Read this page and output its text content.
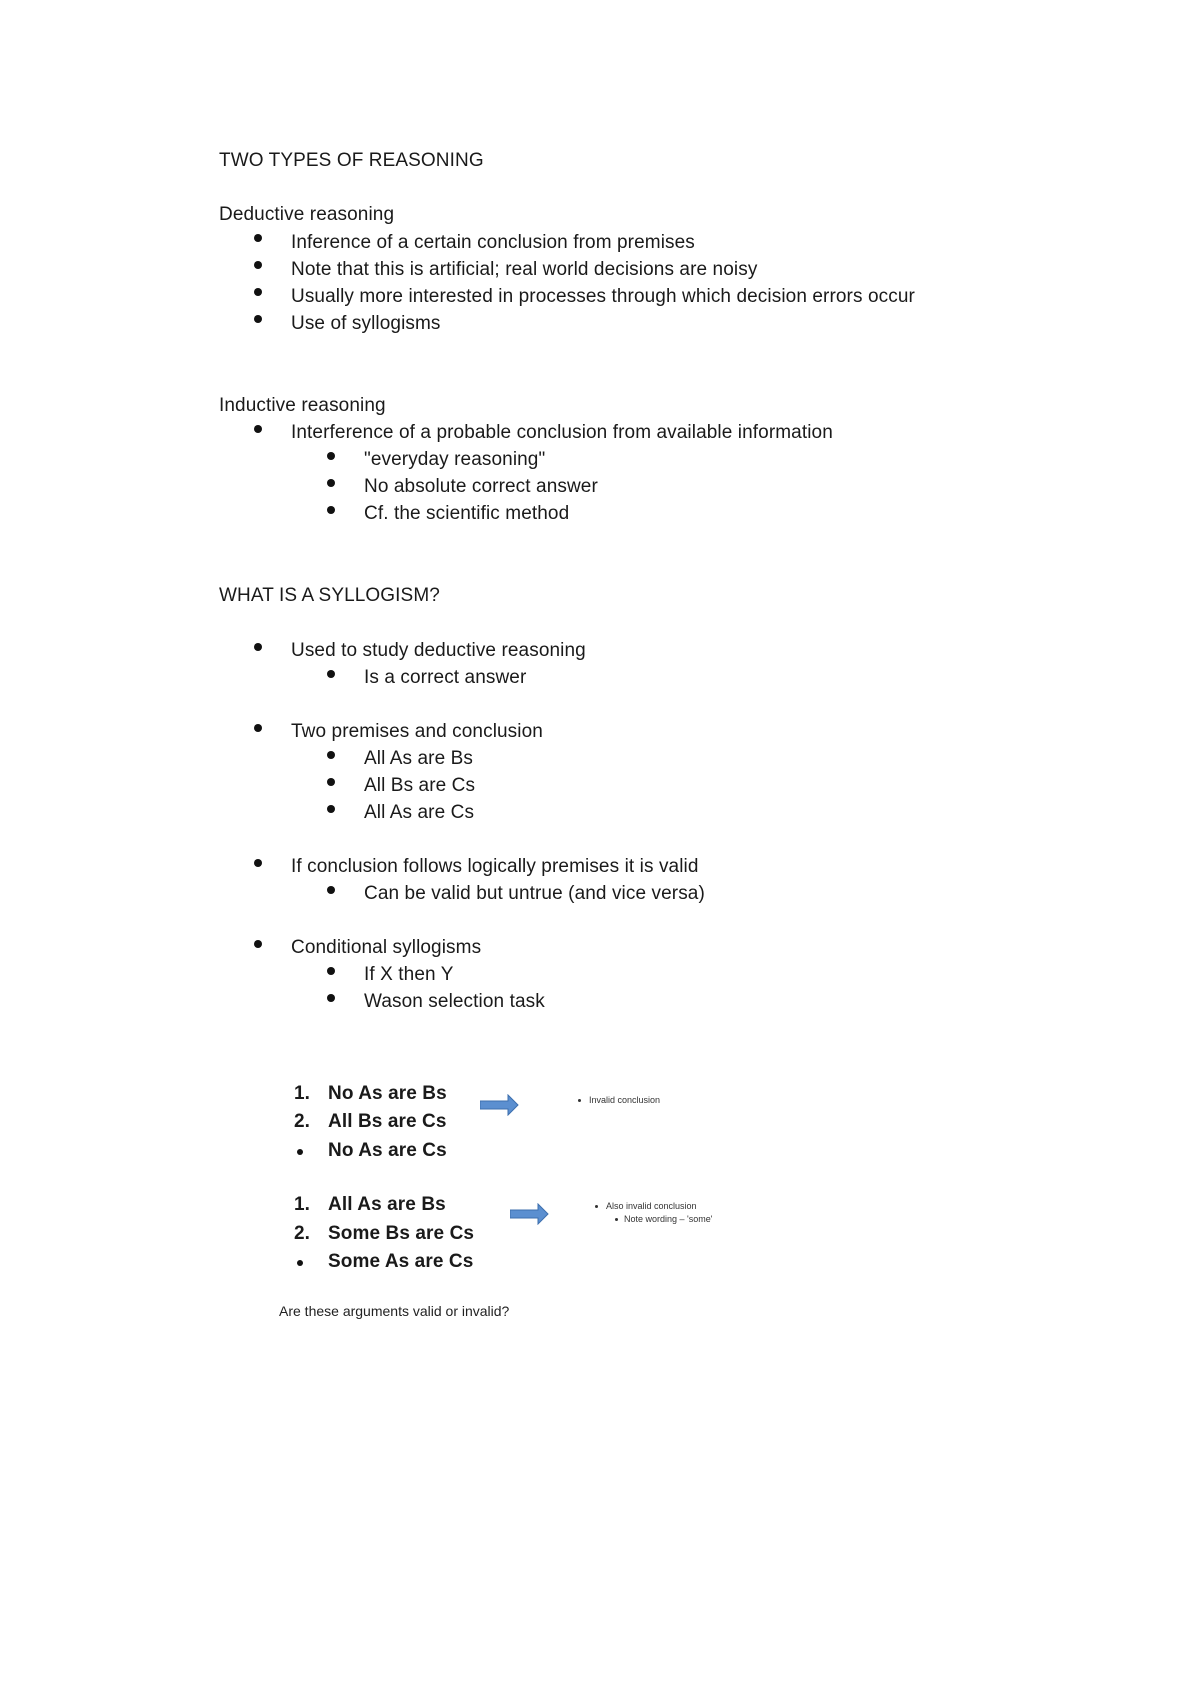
TWO TYPES OF REASONING
Deductive reasoning
Inference of a certain conclusion from premises
Note that this is artificial; real world decisions are noisy
Usually more interested in processes through which decision errors occur
Use of syllogisms
Inductive reasoning
Interference of a probable conclusion from available information
"everyday reasoning"
No absolute correct answer
Cf. the scientific method
WHAT IS A SYLLOGISM?
Used to study deductive reasoning
Is a correct answer
Two premises and conclusion
All As are Bs
All Bs are Cs
All As are Cs
If conclusion follows logically premises it is valid
Can be valid but untrue (and vice versa)
Conditional syllogisms
If X then Y
Wason selection task
1. No As are Bs
2. All Bs are Cs
No As are Cs
Invalid conclusion
1. All As are Bs
2. Some Bs are Cs
Some As are Cs
Also invalid conclusion
Note wording – 'some'
Are these arguments valid or invalid?
